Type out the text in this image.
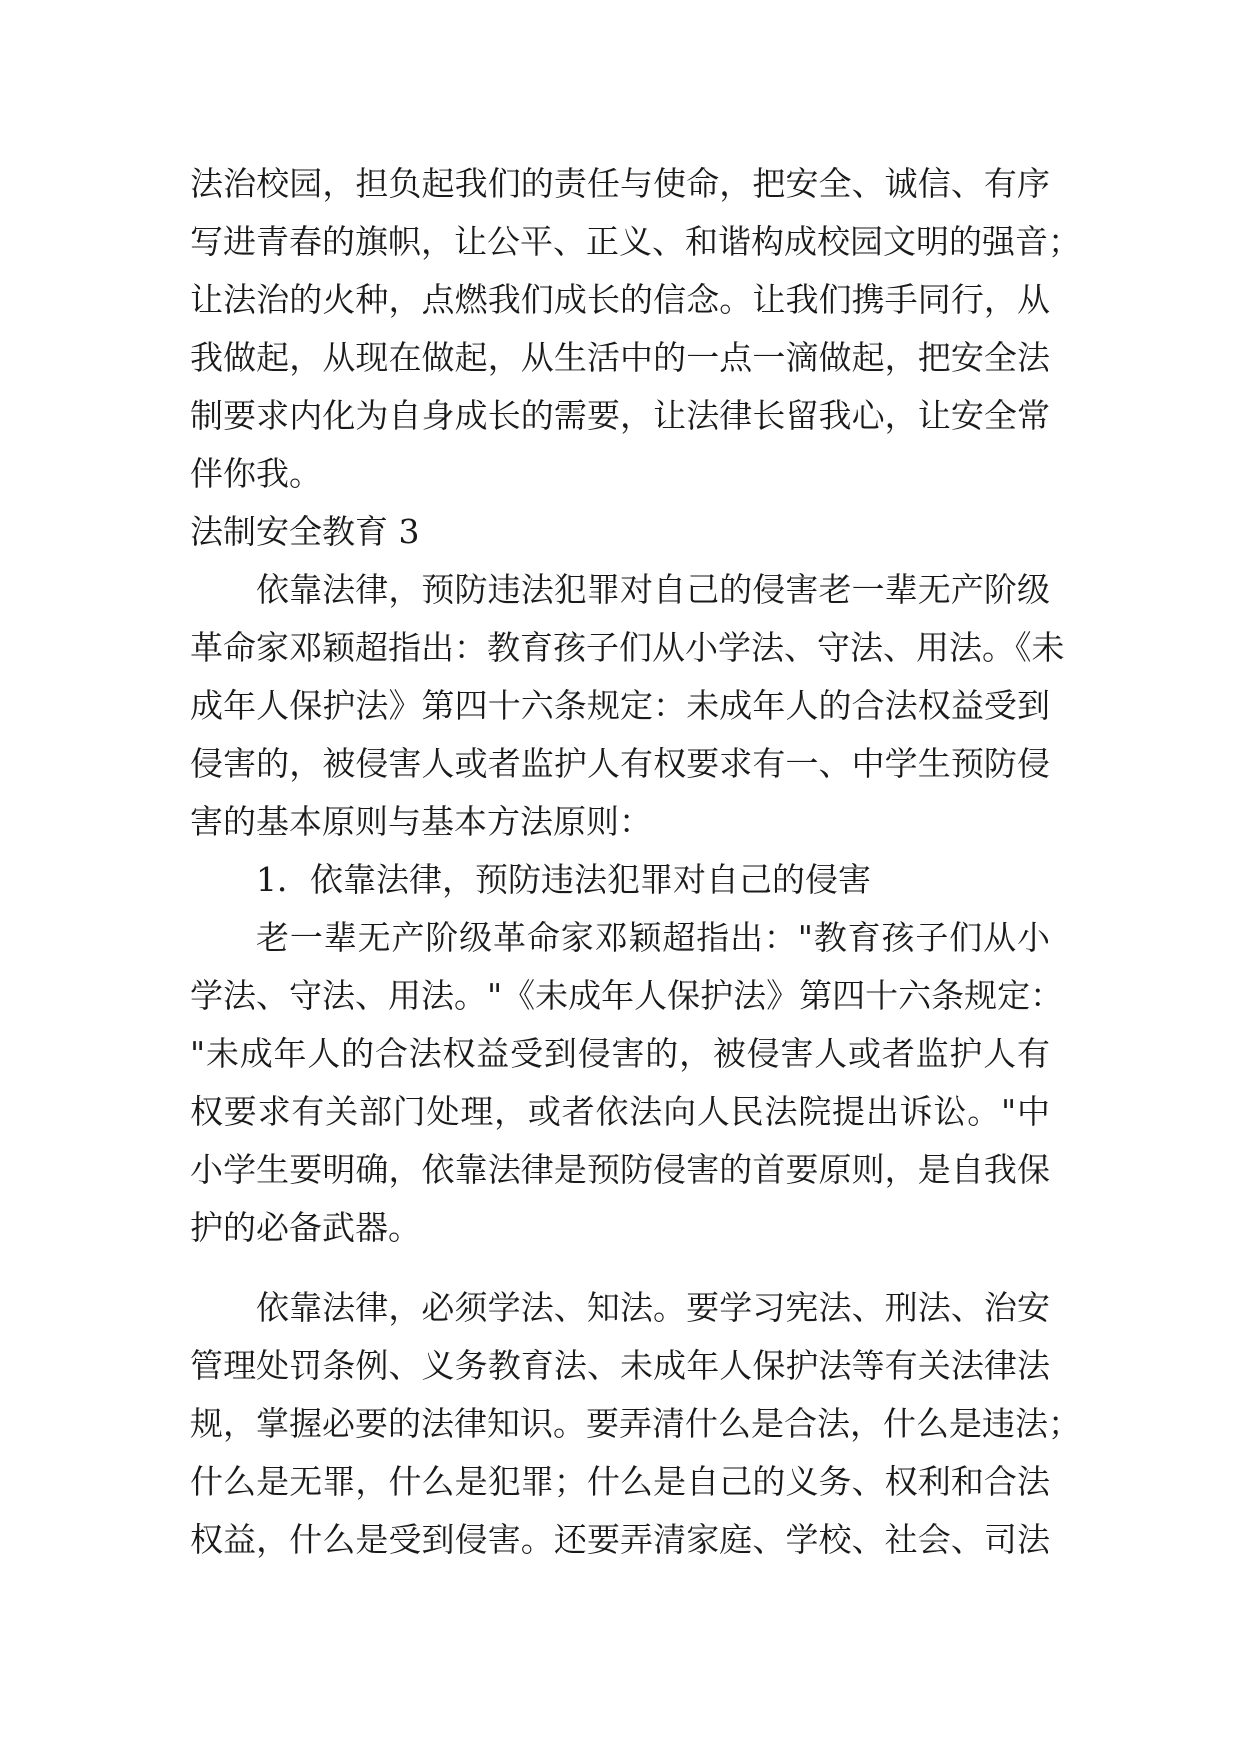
法治校园，担负起我们的责任与使命，把安全、诚信、有序
写进青春的旗帜，让公平、正义、和谐构成校园文明的强音；
让法治的火种，点燃我们成长的信念。让我们携手同行，从
我做起，从现在做起，从生活中的一点一滴做起，把安全法
制要求内化为自身成长的需要，让法律长留我心，让安全常
伴你我。
法制安全教育 3
依靠法律，预防违法犯罪对自己的侵害老一辈无产阶级
革命家邓颖超指出：教育孩子们从小学法、守法、用法。《未
成年人保护法》第四十六条规定：未成年人的合法权益受到
侵害的，被侵害人或者监护人有权要求有一、中学生预防侵
害的基本原则与基本方法原则：
1．依靠法律，预防违法犯罪对自己的侵害
老一辈无产阶级革命家邓颖超指出："教育孩子们从小
学法、守法、用法。"《未成年人保护法》第四十六条规定：
"未成年人的合法权益受到侵害的，被侵害人或者监护人有
权要求有关部门处理，或者依法向人民法院提出诉讼。"中
小学生要明确，依靠法律是预防侵害的首要原则，是自我保
护的必备武器。
依靠法律，必须学法、知法。要学习宪法、刑法、治安
管理处罚条例、义务教育法、未成年人保护法等有关法律法
规，掌握必要的法律知识。要弄清什么是合法，什么是违法；
什么是无罪，什么是犯罪；什么是自己的义务、权利和合法
权益，什么是受到侵害。还要弄清家庭、学校、社会、司法
